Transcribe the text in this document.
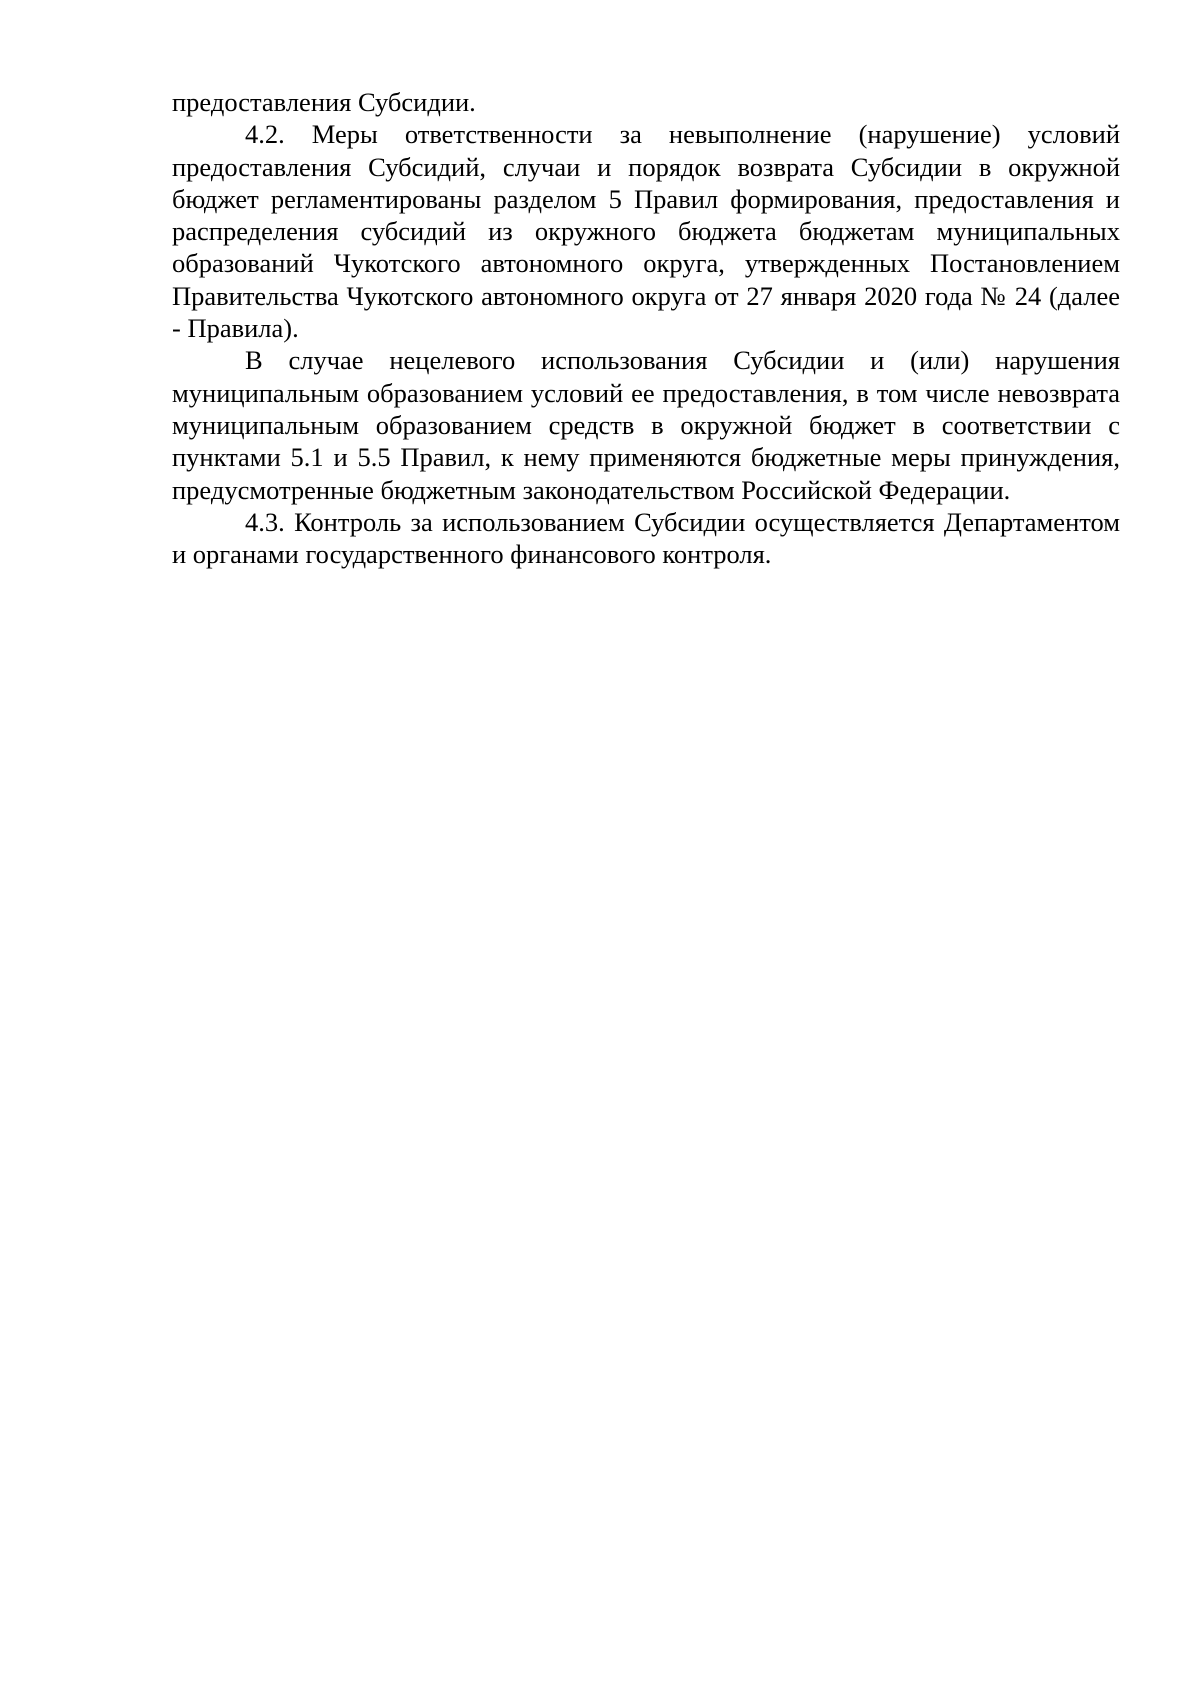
предоставления Субсидии.

4.2. Меры ответственности за невыполнение (нарушение) условий предоставления Субсидий, случаи и порядок возврата Субсидии в окружной бюджет регламентированы разделом 5 Правил формирования, предоставления и распределения субсидий из окружного бюджета бюджетам муниципальных образований Чукотского автономного округа, утвержденных Постановлением Правительства Чукотского автономного округа от 27 января 2020 года № 24 (далее - Правила).

В случае нецелевого использования Субсидии и (или) нарушения муниципальным образованием условий ее предоставления, в том числе невозврата муниципальным образованием средств в окружной бюджет в соответствии с пунктами 5.1 и 5.5 Правил, к нему применяются бюджетные меры принуждения, предусмотренные бюджетным законодательством Российской Федерации.

4.3. Контроль за использованием Субсидии осуществляется Департаментом и органами государственного финансового контроля.
